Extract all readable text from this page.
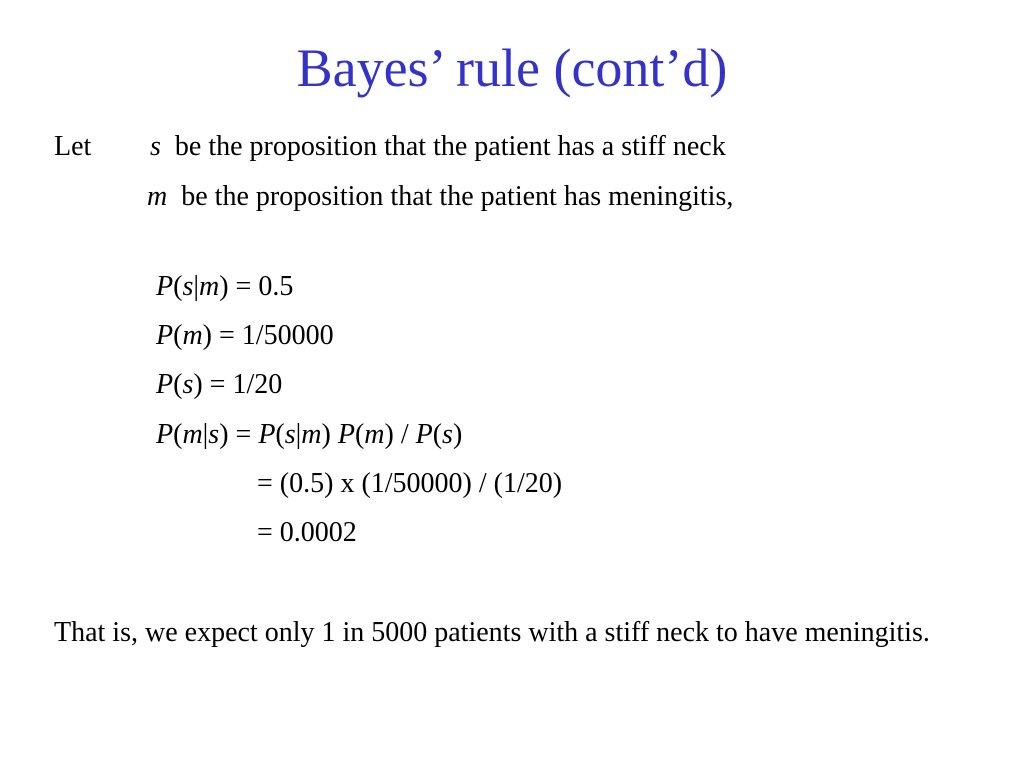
Bayes’ rule (cont’d)
Let s be the proposition that the patient has a stiff neck
m be the proposition that the patient has meningitis,
P(s|m) = 0.5
P(m) = 1/50000
P(s) = 1/20
P(m|s) = P(s|m) P(m) / P(s)
= (0.5) x (1/50000) / (1/20)
= 0.0002
That is, we expect only 1 in 5000 patients with a stiff neck to have meningitis.
